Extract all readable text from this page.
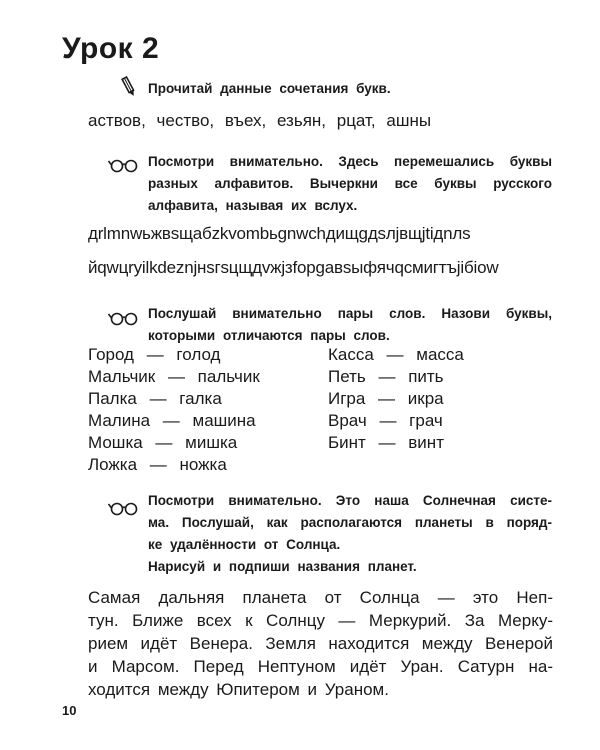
Урок 2
Прочитай данные сочетания букв.
аствов, чество, въех, езьян, рцат, ашны
Посмотри внимательно. Здесь перемешались буквы
разных алфавитов. Вычеркни все буквы русского
алфавита, называя их вслух.
дrlmnwьжвsщaбzkvombьgnwchдищgдsлjвщjtiдnлs
йqwцryilkdeznjнsгsцщдvжjзfopgaвsыфячqсмигтъjiбiow
Послушай внимательно пары слов. Назови буквы,
которыми отличаются пары слов.
Город — голод
Мальчик — пальчик
Палка — галка
Малина — машина
Мошка — мишка
Ложка — ножка
Касса — масса
Петь — пить
Игра — икра
Врач — грач
Бинт — винт
Посмотри внимательно. Это наша Солнечная систе-
ма. Послушай, как располагаются планеты в поряд-
ке удалённости от Солнца.
Нарисуй и подпиши названия планет.
Самая дальняя планета от Солнца — это Неп-
тун. Ближе всех к Солнцу — Меркурий. За Мерку-
рием идёт Венера. Земля находится между Венерой
и Марсом. Перед Нептуном идёт Уран. Сатурн на-
ходится между Юпитером и Ураном.
10
